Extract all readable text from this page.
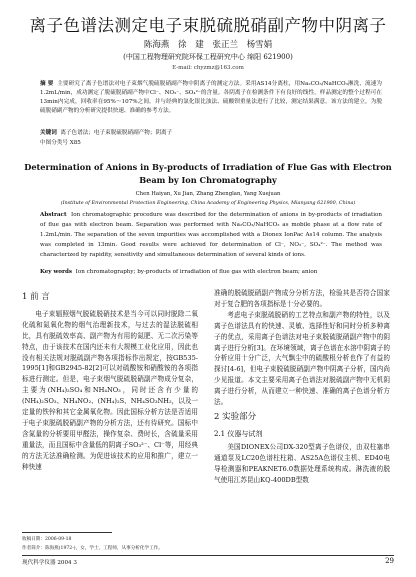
离子色谱法测定电子束脱硫脱硝副产物中阴离子
陈海燕 徐 建 张正兰 杨雪娟
(中国工程物理研究院环保工程研究中心 绵阳 621900)
E-mail: chyzmz@163.com
摘 要 主要研究了离子色谱法对电子束烟气脱硫脱硝副产物中阴离子的测定方法。采用AS14分离柱，用Na₂CO₃/NaHCO₃淋洗，流速为1.2mL/min，成功测定了脱硫脱硝副产物中Cl⁻、NO₃⁻、SO₄²⁻的含量。各阴离子在检测条件下有良好的线性，样品测定的整个过程可在13min内完成，回收率在95%～107%之间。并与经典的氯化银比浊法、硫酸钡重量法进行了比较，测定结果满意。该方法的建立，为脱硫脱硝副产物的分析研究提供快速、准确的参考方法。
关键词 离子色谱法；电子束脱硫脱硝副产物；阴离子
中图分类号 X85
Determination of Anions in By-products of Irradiation of Flue Gas with Electron Beam by Ion Chromatography
Chen Haiyan, Xu Jian, Zhang Zhenglan, Yang Xuejuan
(Institute of Environmental Protection Engineering, China Academy of Engineering Physics, Mianyang 621900, China)
Abstract Ion chromatographic procedure was described for the determination of anions in by-products of irradiation of flue gas with electron beam. Separation was performed with Na₂CO₃/NaHCO₃ as mobile phase at a flow rate of 1.2mL/min. The separation of the seven impurities was accomplished with a Dionex IonPac As14 column. The analysis was completed in 13min. Good results were achieved for determination of Cl⁻, NO₃⁻, SO₄²⁻. The method was characterized by rapidity, sensitivity and simultaneous determination of several kinds of ions.
Key words Ion chromatography; by-products of irradiation of flue gas with electron beam; anion
1 前 言

电子束辐照烟气脱硫脱硝技术是当今可以同时脱除二氧化硫和氮氧化物的烟气治理新技术，与过去的湿法脱硫相比，具有脱硫效率高、副产物为有用的氮肥、无二次污染等特点，由于该技术在国内还未有大规模工业化应用，因此也没有相关法规对脱硫副产物各项指标作出规定，按GB535-1995[1]和GB2945-82[2]可以对硫酸铵和硝酸铵的各项指标进行测定。但是，电子束烟气脱硫脱硝副产物成分复杂，主要为(NH₄)₂SO₄和NH₄NO₃，同时还含有少量的(NH₄)₂SO₃、NH₄NO₂、(NH₄)₂S、NH₄SO₃NH₂，以及一定量的铁锌和其它金属氧化物。因此国标分析方法是否适用于电子束脱硫脱硝副产物的分析方法，还有待研究。国标中含氮量的分析要用甲醛法，操作复杂、费时长，含硫量采用重量法，而且国标中含量低的阴离子SO₃²⁻、Cl⁻等，用经典的方法无法准确检测。为促进该技术的应用和推广，建立一种快速

准确的脱硫脱硝副产物成分分析方法，检验其是否符合国家对于复合肥的各项指标是十分必要的。

考虑电子束脱硫脱硝的工艺特点和副产物的特性，以及离子色谱法具有的快速、灵敏、选择性好和同时分析多种离子的优点，采用离子色谱法对电子束脱硫脱硝副产物中的阴离子进行分析[3]。在环境领域，离子色谱在水溶中阴离子的分析应用十分广泛，大气飘尘中的硫酸根分析也作了有益的探讨[4-6]，但电子束脱硫脱硝副产物中阴离子分析，国内尚少见报道。本文主要采用离子色谱法对脱硫副产物中无机阴离子进行分析，从而建立一种快速、准确的离子色谱分析方法。

2 实验部分
2.1 仪器与试剂

美国DIONEX公司DX-320型离子色谱仪，由双柱塞串通道泵及LC20色谱柱柱箱、AS25A色谱仪主机、ED40电导检测器和PEAKNET6.0数据处理系统构成。淋洗液的脱气使用江苏昆山KQ-400DB型数

收稿日期：2006-09-18
作者简介：陈海燕(1972-)，女，学士，工程师，从事分析化学工作。
现代科学仪器 2004 3	29
